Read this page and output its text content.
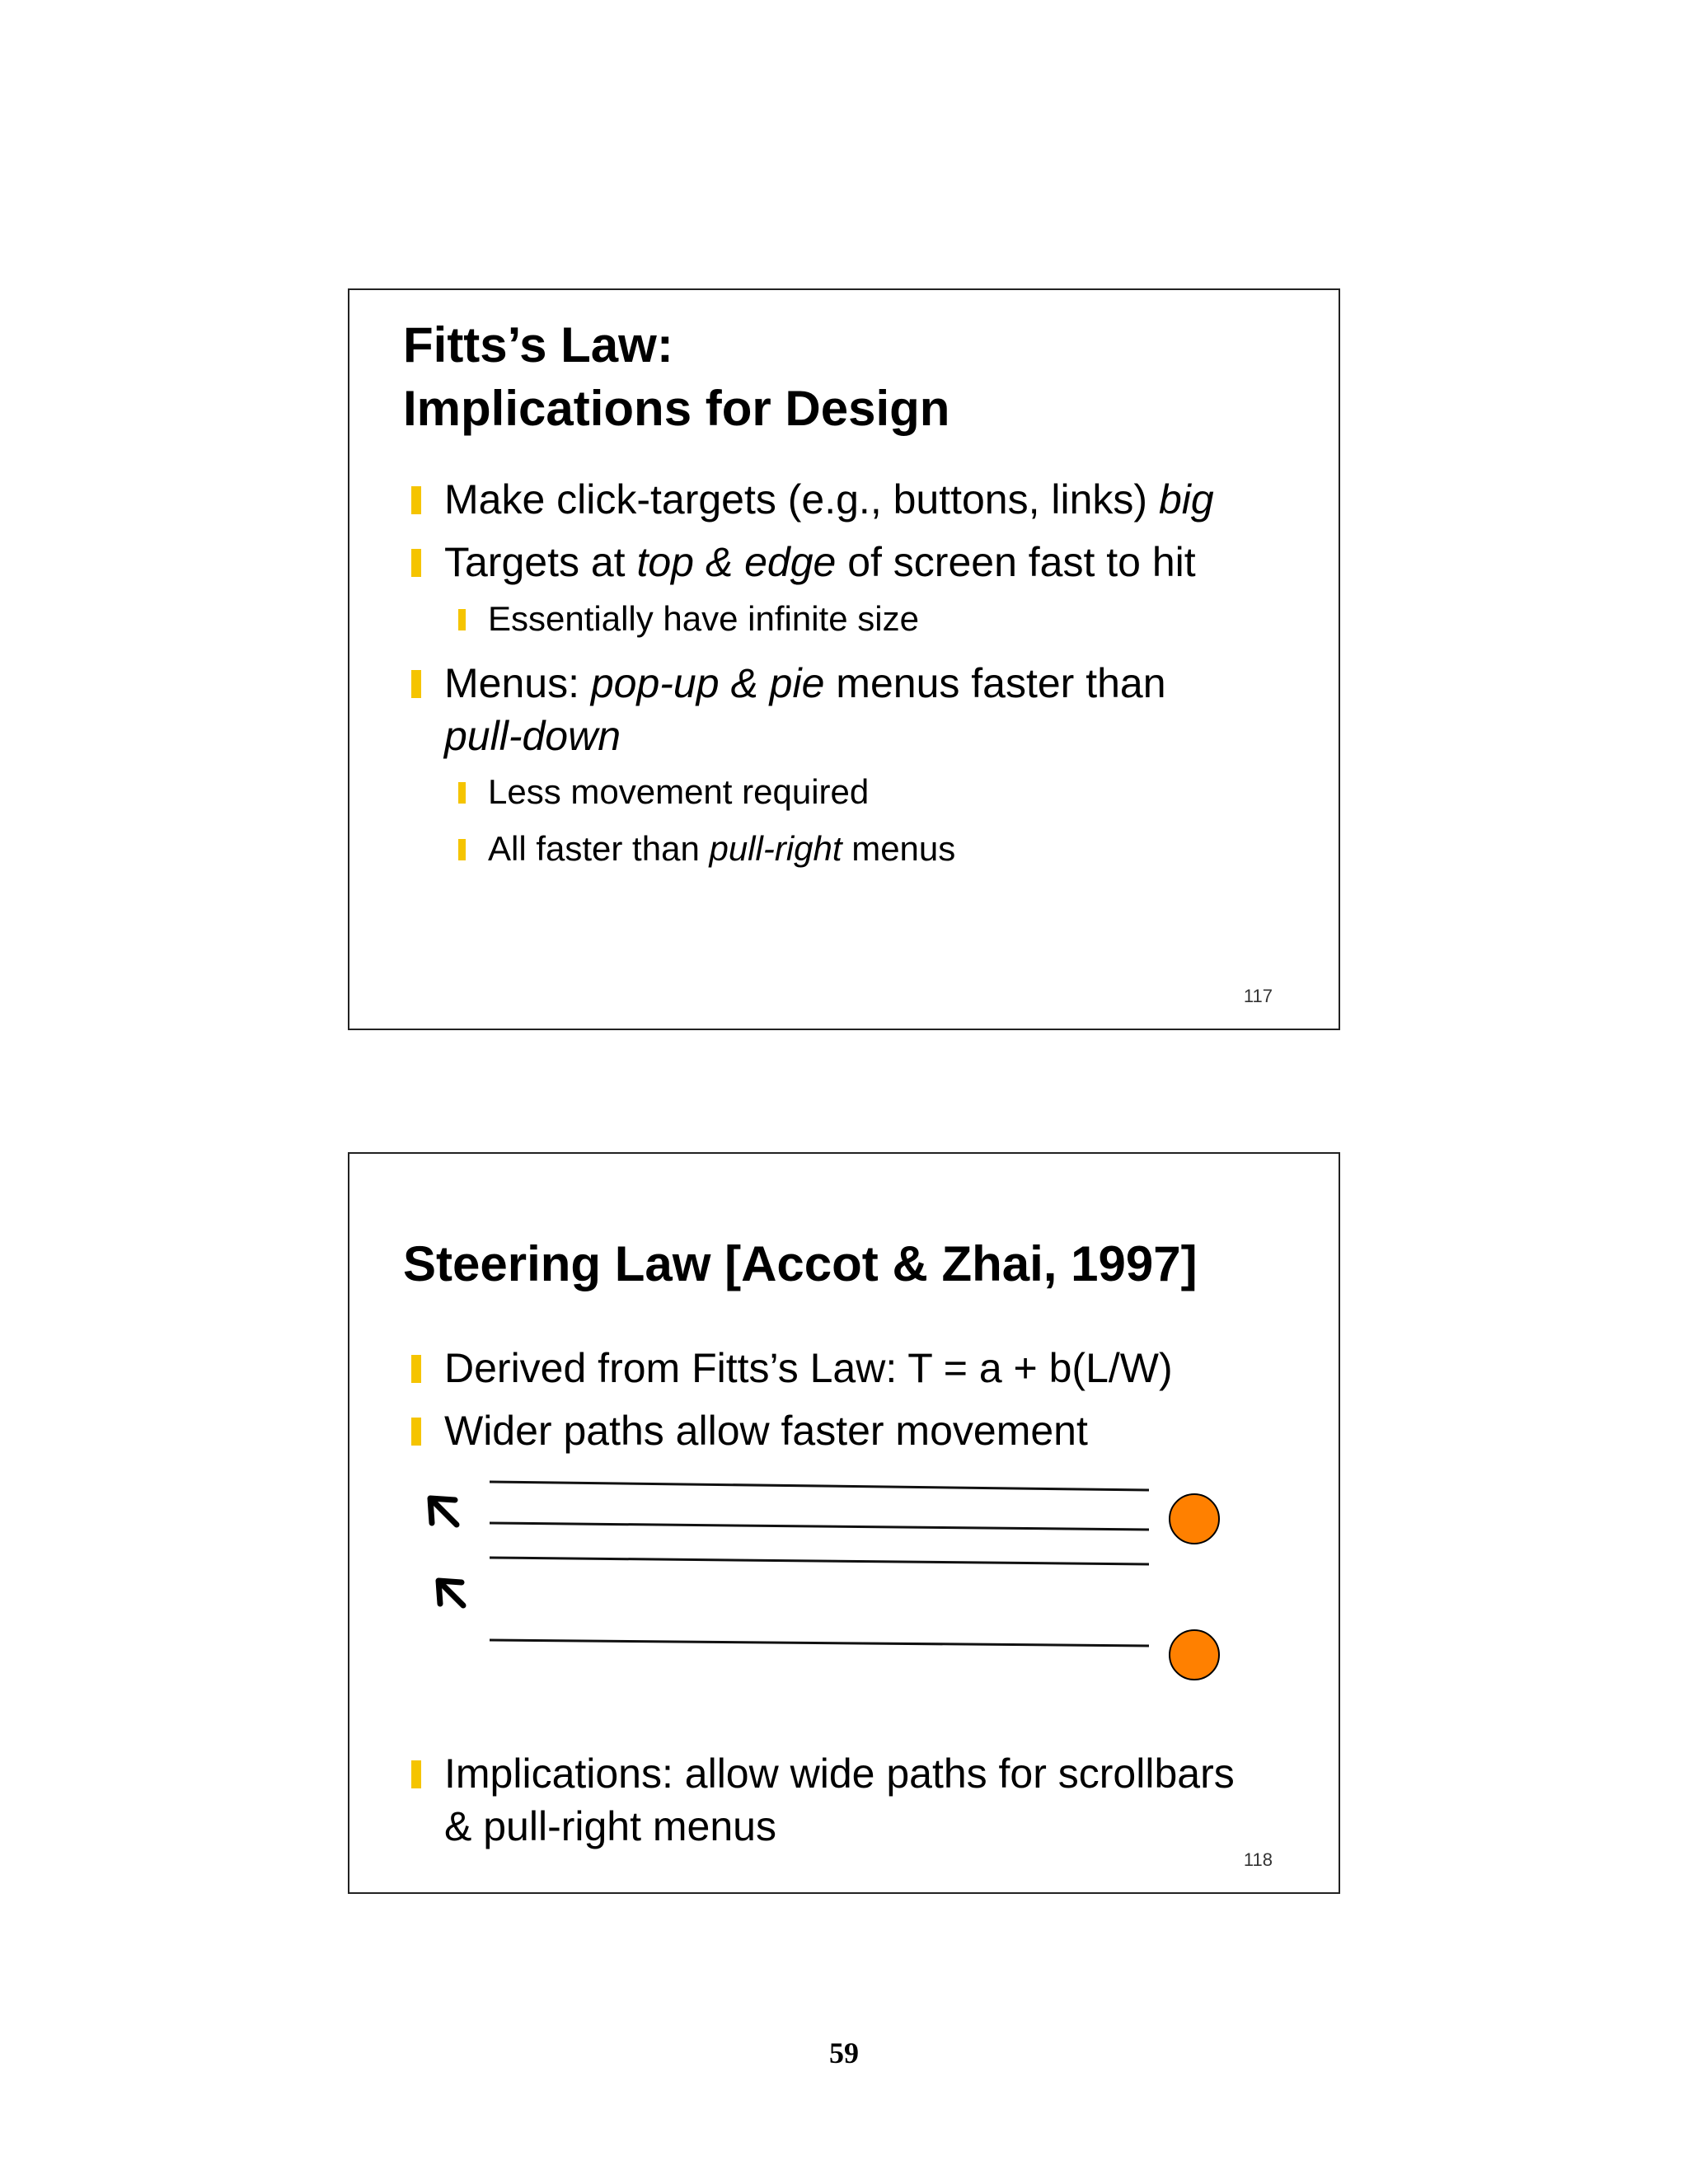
Fitts’s Law:
Implications for Design
Make click-targets (e.g., buttons, links) big
Targets at top & edge of screen fast to hit
Essentially have infinite size
Menus: pop-up & pie menus faster than
pull-down
Less movement required
All faster than pull-right menus
117
Steering Law [Accot & Zhai, 1997]
Derived from Fitts’s Law: T = a + b(L/W)
Wider paths allow faster movement
Implications: allow wide paths for scrollbars
& pull-right menus
118
59
